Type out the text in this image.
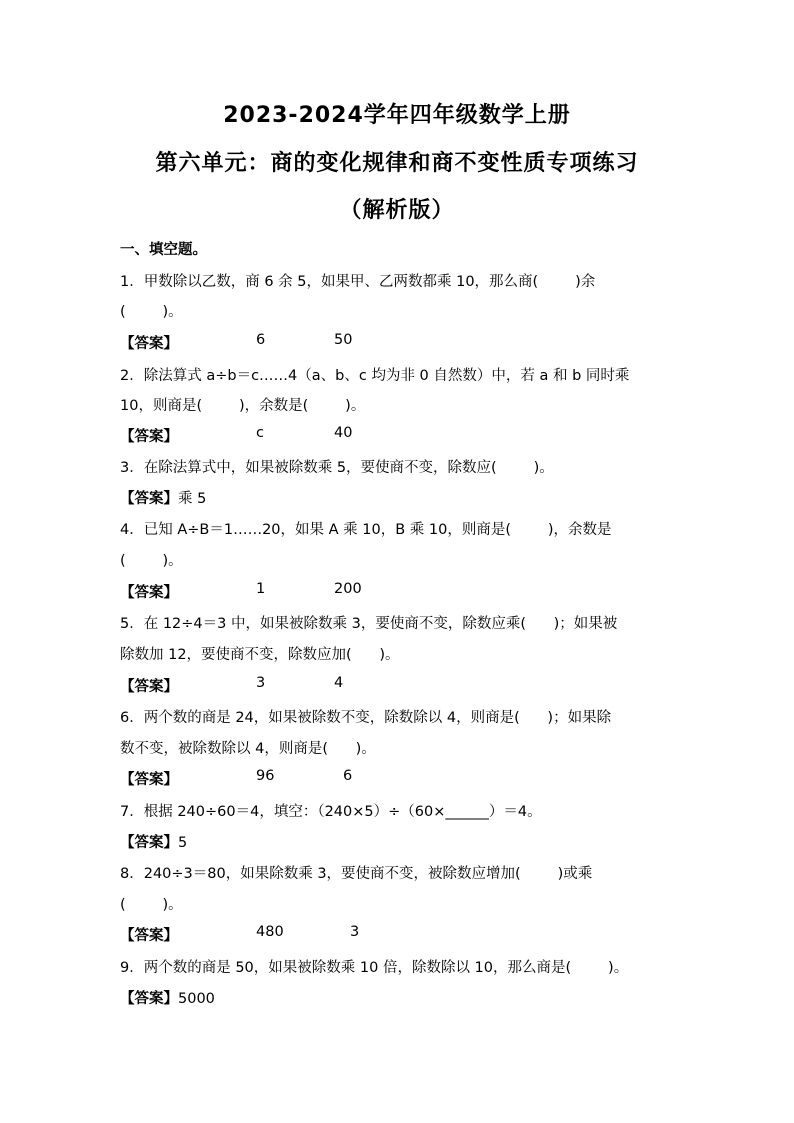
2023-2024学年四年级数学上册
第六单元：商的变化规律和商不变性质专项练习
（解析版）
一、填空题。
1．甲数除以乙数，商 6 余 5，如果甲、乙两数都乘 10，那么商(        )余
(        )。
【答案】	6	50
2．除法算式 a÷b＝c……4（a、b、c 均为非 0 自然数）中，若 a 和 b 同时乘
10，则商是(        )，余数是(        )。
【答案】	c	40
3．在除法算式中，如果被除数乘 5，要使商不变，除数应(        )。
【答案】乘 5
4．已知 A÷B＝1……20，如果 A 乘 10，B 乘 10，则商是(        )，余数是
(        )。
【答案】	1	200
5．在 12÷4＝3 中，如果被除数乘 3，要使商不变，除数应乘(      )；如果被
除数加 12，要使商不变，除数应加(      )。
【答案】	3	4
6．两个数的商是 24，如果被除数不变，除数除以 4，则商是(      )；如果除
数不变，被除数除以 4，则商是(      )。
【答案】	96	6
7．根据 240÷60＝4，填空：（240×5）÷（60×______）＝4。
【答案】5
8．240÷3＝80，如果除数乘 3，要使商不变，被除数应增加(        )或乘
(        )。
【答案】	480	3
9．两个数的商是 50，如果被除数乘 10 倍，除数除以 10，那么商是(        )。
【答案】5000
